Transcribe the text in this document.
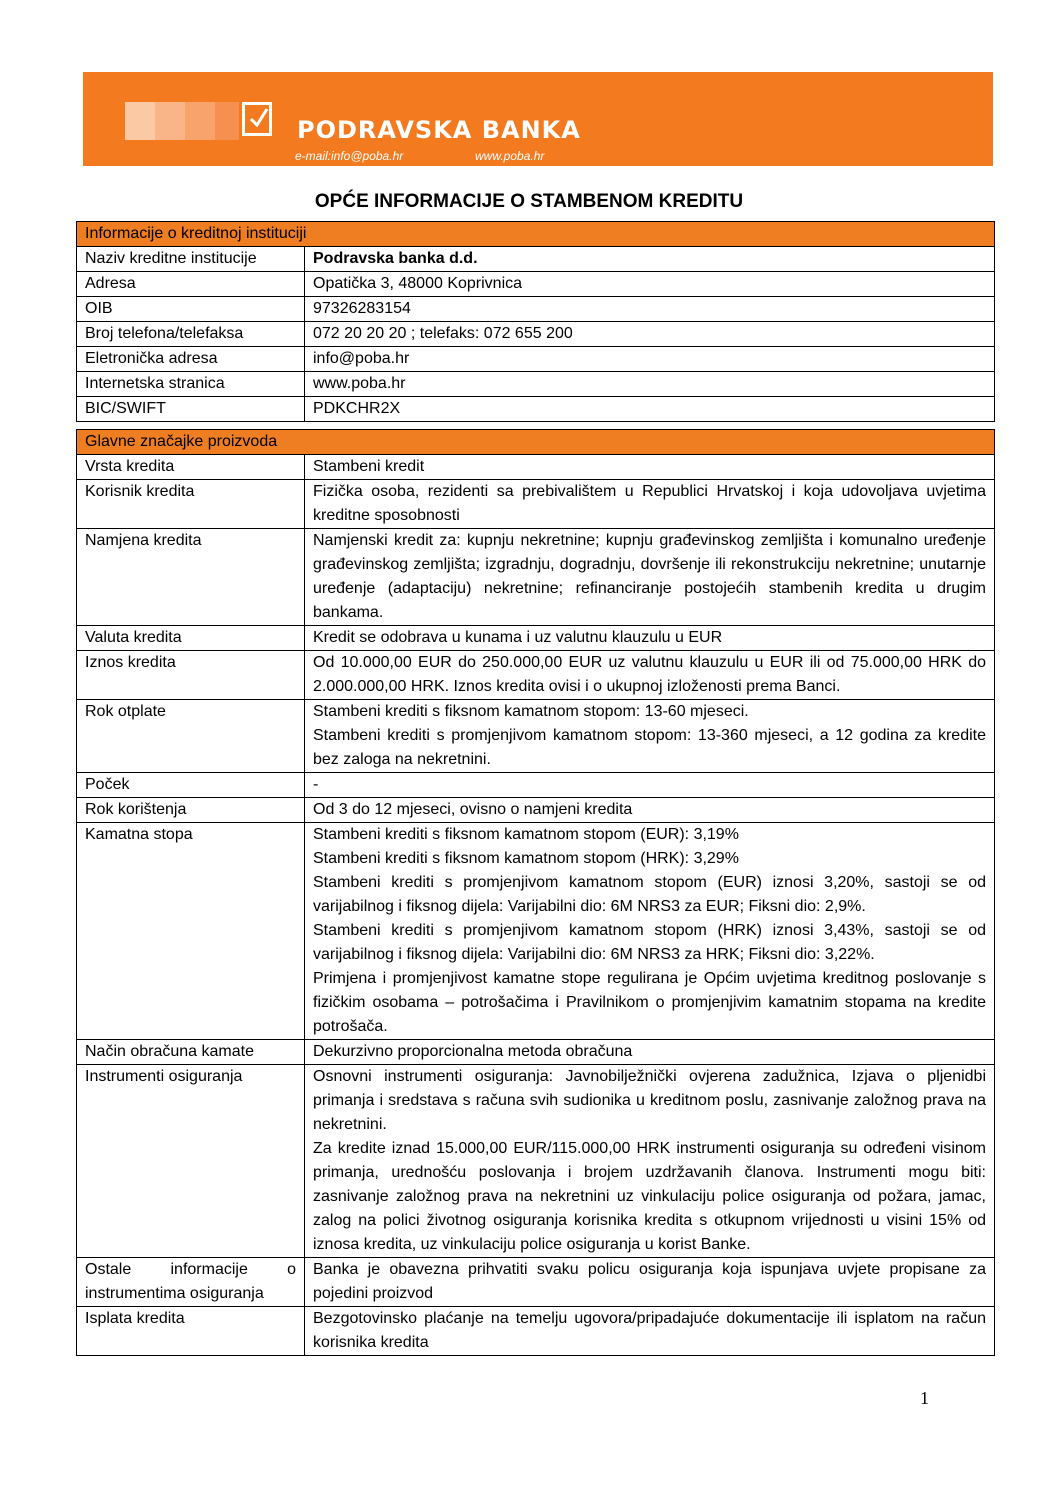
PODRAVSKA BANKA
e-mail:info@poba.hr	www.poba.hr
OPĆE INFORMACIJE O STAMBENOM KREDITU
Informacije o kreditnoj instituciji	
Naziv kreditne institucije	Podravska banka d.d.
Adresa	Opatička 3, 48000 Koprivnica
OIB	97326283154
Broj telefona/telefaksa	072 20 20 20 ; telefaks: 072 655 200
Eletronička adresa	info@poba.hr
Internetska stranica	www.poba.hr
BIC/SWIFT	PDKCHR2X
Glavne značajke proizvoda	
Vrsta kredita	Stambeni kredit
Korisnik kredita	Fizička osoba, rezidenti sa prebivalištem u Republici Hrvatskoj i koja udovoljava uvjetima kreditne sposobnosti
Namjena kredita	Namjenski kredit za: kupnju nekretnine; kupnju građevinskog zemljišta i komunalno uređenje građevinskog zemljišta; izgradnju, dogradnju, dovršenje ili rekonstrukciju nekretnine; unutarnje uređenje (adaptaciju) nekretnine; refinanciranje postojećih stambenih kredita u drugim bankama.
Valuta kredita	Kredit se odobrava u kunama i uz valutnu klauzulu u EUR
Iznos kredita	Od 10.000,00 EUR do 250.000,00 EUR uz valutnu klauzulu u EUR ili od 75.000,00 HRK do 2.000.000,00 HRK. Iznos kredita ovisi i o ukupnoj izloženosti prema Banci.
Rok otplate	Stambeni krediti s fiksnom kamatnom stopom: 13-60 mjeseci.
Stambeni krediti s promjenjivom kamatnom stopom: 13-360 mjeseci, a 12 godina za kredite bez zaloga na nekretnini.
Poček	-
Rok korištenja	Od 3 do 12 mjeseci, ovisno o namjeni kredita
Kamatna stopa	Stambeni krediti s fiksnom kamatnom stopom (EUR): 3,19%
Stambeni krediti s fiksnom kamatnom stopom (HRK): 3,29%
Stambeni krediti s promjenjivom kamatnom stopom (EUR) iznosi 3,20%, sastoji se od varijabilnog i fiksnog dijela: Varijabilni dio: 6M NRS3 za EUR; Fiksni dio: 2,9%.
Stambeni krediti s promjenjivom kamatnom stopom (HRK) iznosi 3,43%, sastoji se od varijabilnog i fiksnog dijela: Varijabilni dio: 6M NRS3 za HRK; Fiksni dio: 3,22%.
Primjena i promjenjivost kamatne stope regulirana je Općim uvjetima kreditnog poslovanje s fizičkim osobama – potrošačima i Pravilnikom o promjenjivim kamatnim stopama na kredite potrošača.
Način obračuna kamate	Dekurzivno proporcionalna metoda obračuna
Instrumenti osiguranja	Osnovni instrumenti osiguranja: Javnobilježnički ovjerena zadužnica, Izjava o pljenidbi primanja i sredstava s računa svih sudionika u kreditnom poslu, zasnivanje založnog prava na nekretnini.
Za kredite iznad 15.000,00 EUR/115.000,00 HRK instrumenti osiguranja su određeni visinom primanja, urednošću poslovanja i brojem uzdržavanih članova. Instrumenti mogu biti: zasnivanje založnog prava na nekretnini uz vinkulaciju police osiguranja od požara, jamac, zalog na polici životnog osiguranja korisnika kredita s otkupnom vrijednosti u visini 15% od iznosa kredita, uz vinkulaciju police osiguranja u korist Banke.
Ostale informacije o instrumentima osiguranja	Banka je obavezna prihvatiti svaku policu osiguranja koja ispunjava uvjete propisane za pojedini proizvod
Isplata kredita	Bezgotovinsko plaćanje na temelju ugovora/pripadajuće dokumentacije ili isplatom na račun korisnika kredita
1
